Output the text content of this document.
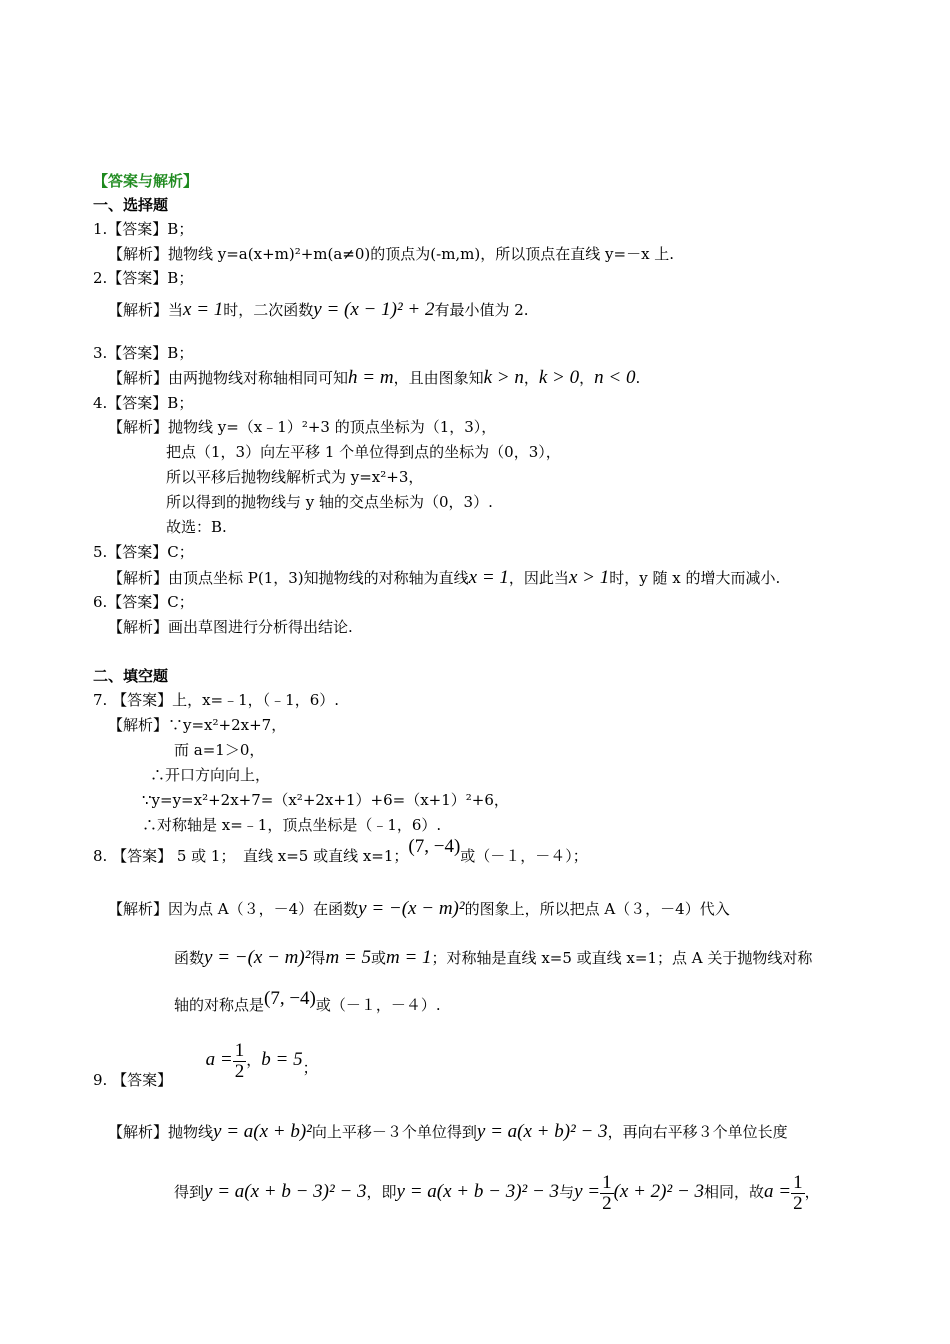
【答案与解析】
一、选择题
1.【答案】B；
【解析】抛物线 y=a(x+m)²+m(a≠0)的顶点为(-m,m)，所以顶点在直线 y=－x 上.
2.【答案】B；
【解析】当x = 1时，二次函数y = (x − 1)² + 2有最小值为 2.
3.【答案】B；
【解析】由两抛物线对称轴相同可知h = m，且由图象知k > n，k > 0，n < 0.
4.【答案】B；
【解析】抛物线 y=（x﹣1）²+3 的顶点坐标为（1，3），
把点（1，3）向左平移 1 个单位得到点的坐标为（0，3），
所以平移后抛物线解析式为 y=x²+3，
所以得到的抛物线与 y 轴的交点坐标为（0，3）.
故选：B.
5.【答案】C；
【解析】由顶点坐标 P(1，3)知抛物线的对称轴为直线x = 1，因此当x > 1时，y 随 x 的增大而减小.
6.【答案】C；
【解析】画出草图进行分析得出结论.
二、填空题
7. 【答案】上，x=﹣1，（﹣1，6）.
【解析】∵y=x²+2x+7，
而 a=1＞0，
∴开口方向向上，
∵y=y=x²+2x+7=（x²+2x+1）+6=（x+1）²+6，
∴对称轴是 x=﹣1，顶点坐标是（﹣1，6）.
8. 【答案】 5 或 1；　直线 x=5 或直线 x=1；(7, −4)或（－１，－４）；
【解析】因为点 A（３，－4）在函数y = −(x − m)²的图象上，所以把点 A（３，－4）代入
函数y = −(x − m)²得m = 5或m = 1；对称轴是直线 x=5 或直线 x=1；点 A 关于抛物线对称
轴的对称点是(7, −4)或（－１，－４）.
9. 【答案】  $a = \frac{1}{2}$ ，b = 5；
【解析】抛物线y = a(x + b)²向上平移－３个单位得到y = a(x + b)² − 3，再向右平移３个单位长度
得到y = a(x + b − 3)² − 3，即y = a(x + b − 3)² − 3与$y = \frac{1}{2} (x + 2)^2 - 3$相同，故$a = \frac{1}{2}$ ，
